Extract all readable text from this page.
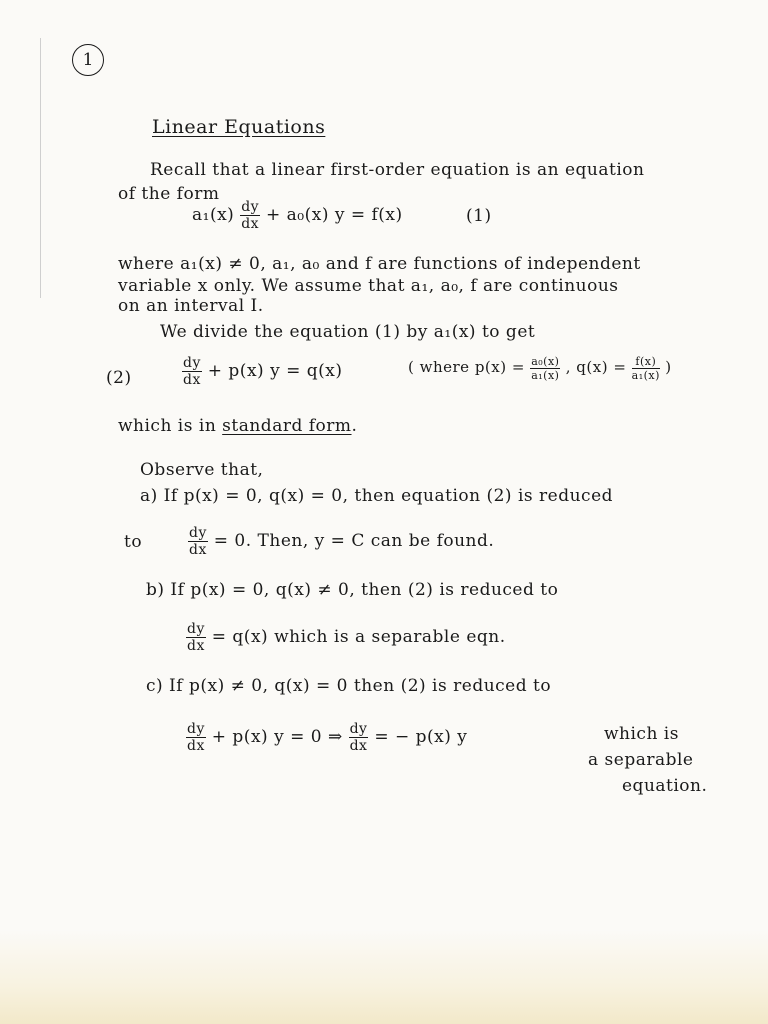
1
Linear Equations
Recall that a linear first-order equation is an equation
of the form
$a_1(x) \frac{dy}{dx} + a_0(x) y = f(x)$	(1)
where a₁(x) ≠ 0, a₁, a₀ and f are functions of independent
variable x only. We assume that a₁, a₀, f are continuous
on an interval I.
We divide the equation (1) by a₁(x) to get
(2)	$\frac{dy}{dx} + p(x) y = q(x)$	( where $p(x) = \frac{\text{a₀(x)}}{\text{a₁(x)}}$ , $q(x) = \frac{f(x)}{\text{a₁(x)}}$ )
which is in standard form.
Observe that,
a) If p(x) = 0, q(x) = 0, then equation (2) is reduced
to	$\frac{dy}{dx} = 0$. Then, y = C can be found.
b) If p(x) = 0, q(x) ≠ 0, then (2) is reduced to
$\frac{dy}{dx} = q(x)$ which is a separable eqn.
c) If p(x) ≠ 0, q(x) = 0 then (2) is reduced to
$\frac{dy}{dx} + p(x) y = 0$ ⇒ $\frac{dy}{dx}$ = − p(x) y	which is
a separable
equation.
